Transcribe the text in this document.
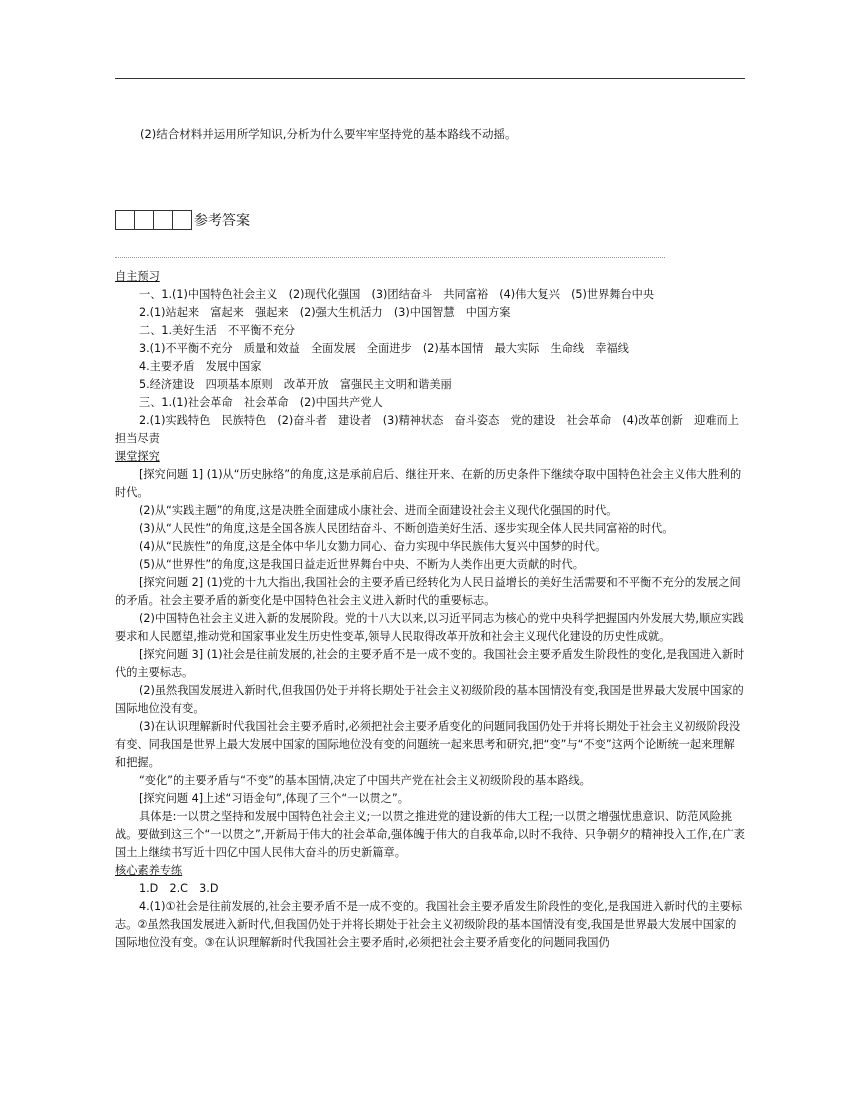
(2)结合材料并运用所学知识,分析为什么要牢牢坚持党的基本路线不动摇。

参考答案

自主预习

一、1.(1)中国特色社会主义　(2)现代化强国　(3)团结奋斗　共同富裕　(4)伟大复兴　(5)世界舞台中央

2.(1)站起来　富起来　强起来　(2)强大生机活力　(3)中国智慧　中国方案

二、1.美好生活　不平衡不充分

3.(1)不平衡不充分　质量和效益　全面发展　全面进步　(2)基本国情　最大实际　生命线　幸福线

4.主要矛盾　发展中国家

5.经济建设　四项基本原则　改革开放　富强民主文明和谐美丽

三、1.(1)社会革命　社会革命　(2)中国共产党人

2.(1)实践特色　民族特色　(2)奋斗者　建设者　(3)精神状态　奋斗姿态　党的建设　社会革命　(4)改革创新　迎难而上　担当尽责

课堂探究

[探究问题 1] (1)从“历史脉络”的角度,这是承前启后、继往开来、在新的历史条件下继续夺取中国特色社会主义伟大胜利的时代。

(2)从“实践主题”的角度,这是决胜全面建成小康社会、进而全面建设社会主义现代化强国的时代。

(3)从“人民性”的角度,这是全国各族人民团结奋斗、不断创造美好生活、逐步实现全体人民共同富裕的时代。

(4)从“民族性”的角度,这是全体中华儿女勠力同心、奋力实现中华民族伟大复兴中国梦的时代。

(5)从“世界性”的角度,这是我国日益走近世界舞台中央、不断为人类作出更大贡献的时代。

[探究问题 2] (1)党的十九大指出,我国社会的主要矛盾已经转化为人民日益增长的美好生活需要和不平衡不充分的发展之间的矛盾。社会主要矛盾的新变化是中国特色社会主义进入新时代的重要标志。

(2)中国特色社会主义进入新的发展阶段。党的十八大以来,以习近平同志为核心的党中央科学把握国内外发展大势,顺应实践要求和人民愿望,推动党和国家事业发生历史性变革,领导人民取得改革开放和社会主义现代化建设的历史性成就。

[探究问题 3] (1)社会是往前发展的,社会的主要矛盾不是一成不变的。我国社会主要矛盾发生阶段性的变化,是我国进入新时代的主要标志。

(2)虽然我国发展进入新时代,但我国仍处于并将长期处于社会主义初级阶段的基本国情没有变,我国是世界最大发展中国家的国际地位没有变。

(3)在认识理解新时代我国社会主要矛盾时,必须把社会主要矛盾变化的问题同我国仍处于并将长期处于社会主义初级阶段没有变、同我国是世界上最大发展中国家的国际地位没有变的问题统一起来思考和研究,把“变”与“不变”这两个论断统一起来理解和把握。

“变化”的主要矛盾与“不变”的基本国情,决定了中国共产党在社会主义初级阶段的基本路线。

[探究问题 4]上述“习语金句”,体现了三个“一以贯之”。

具体是:一以贯之坚持和发展中国特色社会主义;一以贯之推进党的建设新的伟大工程;一以贯之增强忧患意识、防范风险挑战。要做到这三个“一以贯之”,开新局于伟大的社会革命,强体魄于伟大的自我革命,以时不我待、只争朝夕的精神投入工作,在广袤国土上继续书写近十四亿中国人民伟大奋斗的历史新篇章。

核心素养专练

1.D　2.C　3.D

4.(1)①社会是往前发展的,社会主要矛盾不是一成不变的。我国社会主要矛盾发生阶段性的变化,是我国进入新时代的主要标志。②虽然我国发展进入新时代,但我国仍处于并将长期处于社会主义初级阶段的基本国情没有变,我国是世界最大发展中国家的国际地位没有变。③在认识理解新时代我国社会主要矛盾时,必须把社会主要矛盾变化的问题同我国仍
